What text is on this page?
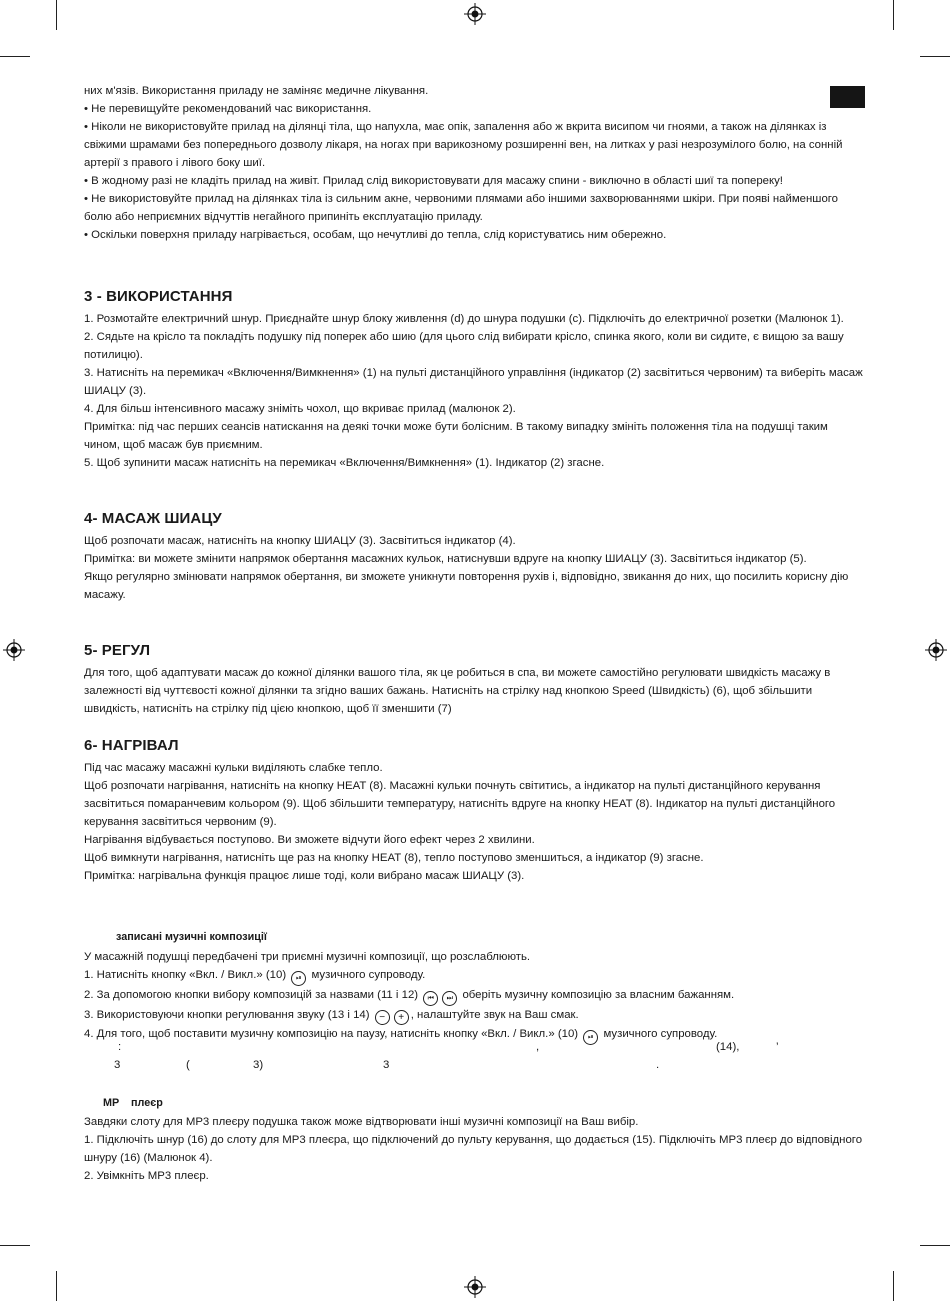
них м'язів. Використання приладу не заміняє медичне лікування.

• Не перевищуйте рекомендований час використання.

• Ніколи не використовуйте прилад на ділянці тіла, що напухла, має опік, запалення або ж вкрита висипом чи гноями, а також на ділянках із свіжими шрамами без попереднього дозволу лікаря, на ногах при варикозному розширенні вен, на литках у разі незрозумілого болю, на сонній артерії з правого і лівого боку шиї.

• В жодному разі не кладіть прилад на живіт. Прилад слід використовувати для масажу спини - виключно в області шиї та попереку!

• Не використовуйте прилад на ділянках тіла із сильним акне, червоними плямами або іншими захворюваннями шкіри. При появі найменшого болю або неприємних відчуттів негайного припиніть експлуатацію приладу.

• Оскільки поверхня приладу нагрівається, особам, що нечутливі до тепла, слід користуватись ним обережно.

3 - ВИКОРИСТАННЯ

1. Розмотайте електричний шнур. Приєднайте шнур блоку живлення (d) до шнура подушки (c). Підключіть до електричної розетки (Малюнок 1).

2. Сядьте на крісло та покладіть подушку під поперек або шию (для цього слід вибирати крісло, спинка якого, коли ви сидите, є вищою за вашу потилицю).

3. Натисніть на перемикач «Включення/Вимкнення» (1) на пульті дистанційного управління (індикатор (2) засвітиться червоним) та виберіть масаж ШИАЦУ (3).

4. Для більш інтенсивного масажу зніміть чохол, що вкриває прилад (малюнок 2).

Примітка: під час перших сеансів натискання на деякі точки може бути болісним. В такому випадку змініть положення тіла на подушці таким чином, щоб масаж був приємним.

5. Щоб зупинити масаж натисніть на перемикач «Включення/Вимкнення» (1). Індикатор (2) згасне.

4- МАСАЖ ШИАЦУ

Щоб розпочати масаж, натисніть на кнопку ШИАЦУ (3). Засвітиться індикатор (4).

Примітка: ви можете змінити напрямок обертання масажних кульок, натиснувши вдруге на кнопку ШИАЦУ (3). Засвітиться індикатор (5).

Якщо регулярно змінювати напрямок обертання, ви зможете уникнути повторення рухів і, відповідно, звикання до них, що посилить корисну дію масажу.

5- РЕГУЛ

Для того, щоб адаптувати масаж до кожної ділянки вашого тіла, як це робиться в спа, ви можете самостійно регулювати швидкість масажу в залежності від чуттєвості кожної ділянки та згідно ваших бажань. Натисніть на стрілку над кнопкою Speed (Швидкість) (6), щоб збільшити швидкість, натисніть на стрілку під цією кнопкою, щоб її зменшити (7)

6- НАГРІВАЛ

Під час масажу масажні кульки виділяють слабке тепло.

Щоб розпочати нагрівання, натисніть на кнопку HEAT (8). Масажні кульки почнуть світитись, а індикатор на пульті дистанційного керування засвітиться помаранчевим кольором (9). Щоб збільшити температуру, натисніть вдруге на кнопку HEAT (8). Індикатор на пульті дистанційного керування засвітиться червоним (9).

Нагрівання відбувається поступово. Ви зможете відчути його ефект через 2 хвилини.

Щоб вимкнути нагрівання, натисніть ще раз на кнопку HEAT (8), тепло поступово зменшиться, а індикатор (9) згасне.

Примітка: нагрівальна функція працює лише тоді, коли вибрано масаж ШИАЦУ (3).

записані музичні композиції

У масажній подушці передбачені три приємні музичні композиції, що розслаблюють.

1. Натисніть кнопку «Вкл. / Викл.» (10) ⏯ музичного супроводу.

2. За допомогою кнопки вибору композицій за назвами (11 і 12) ⏮ ⏭ оберіть музичну композицію за власним бажанням.

3. Використовуючи кнопки регулювання звуку (13 і 14) − + , налаштуйте звук на Ваш смак.

4. Для того, щоб поставити музичну композицію на паузу, натисніть кнопку «Вкл. / Викл.» (10) ⏯ музичного супроводу.

:	,	(14),	’
3	(	3)	3	.
MP    плеєр

Завдяки слоту для MP3 плеєру подушка також може відтворювати інші музичні композиції на Ваш вибір.

1. Підключіть шнур (16) до слоту для MP3 плеєра, що підключений до пульту керування, що додається (15). Підключіть MP3 плеєр до відповідного шнуру (16) (Малюнок 4).

2. Увімкніть MP3 плеєр.
